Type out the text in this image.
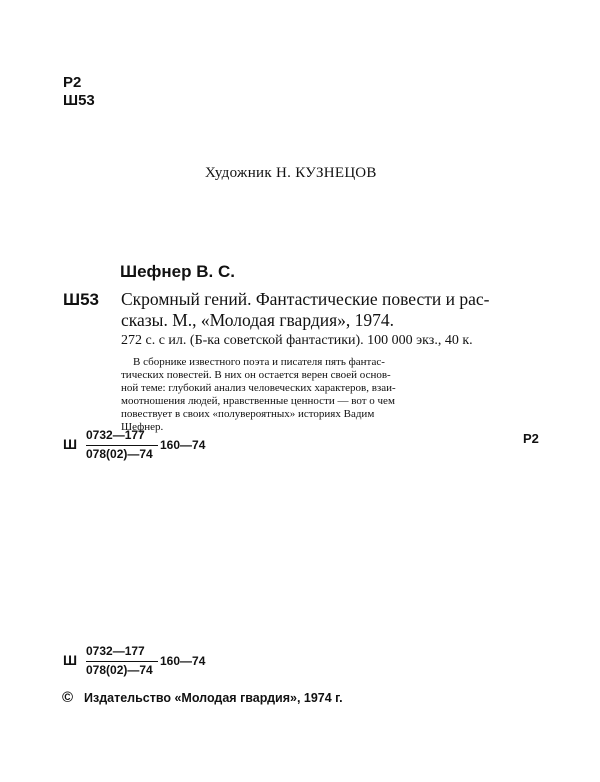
Р2
Ш53
Художник Н. КУЗНЕЦОВ
Шефнер В. С.
Ш53 Скромный гений. Фантастические повести и рас-
сказы. М., «Молодая гвардия», 1974.
272 с. с ил. (Б-ка советской фантастики). 100 000 экз., 40 к.
В сборнике известного поэта и писателя пять фантас-
тических повестей. В них он остается верен своей основ-
ной теме: глубокий анализ человеческих характеров, взаи-
моотношения людей, нравственные ценности — вот о чем
повествует в своих «полувероятных» историях Вадим
Шефнер.
Ш
0732—177
078(02)—74
160—74	Р2
Ш
0732—177
078(02)—74
160—74
© Издательство «Молодая гвардия», 1974 г.
